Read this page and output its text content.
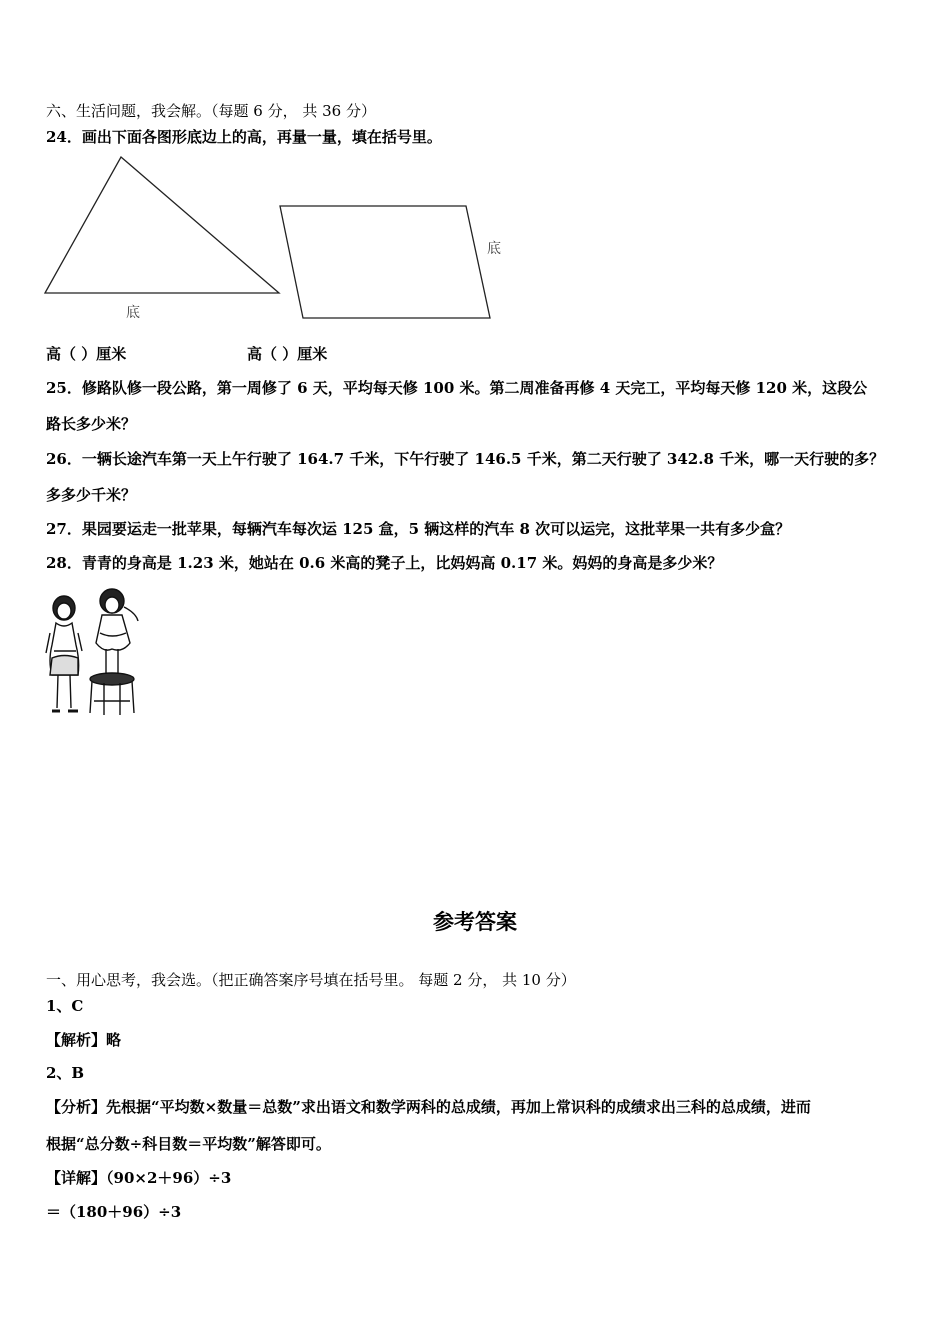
六、生活问题，我会解。（每题 6 分， 共 36 分）
24．画出下面各图形底边上的高，再量一量，填在括号里。
底
底
高（ ）厘米	高（ ）厘米
25．修路队修一段公路，第一周修了 6 天，平均每天修 100 米。第二周准备再修 4 天完工，平均每天修 120 米，这段公
路长多少米？
26．一辆长途汽车第一天上午行驶了 164.7 千米，下午行驶了 146.5 千米，第二天行驶了 342.8 千米，哪一天行驶的多？
多多少千米？
27．果园要运走一批苹果，每辆汽车每次运 125 盒，5 辆这样的汽车 8 次可以运完，这批苹果一共有多少盒？
28．青青的身高是 1.23 米，她站在 0.6 米高的凳子上，比妈妈高 0.17 米。妈妈的身高是多少米？
参考答案
一、用心思考，我会选。（把正确答案序号填在括号里。 每题 2 分， 共 10 分）
1、C
【解析】略
2、B
【分析】先根据“平均数×数量＝总数”求出语文和数学两科的总成绩，再加上常识科的成绩求出三科的总成绩，进而
根据“总分数÷科目数＝平均数”解答即可。
【详解】（90×2＋96）÷3
＝（180＋96）÷3
